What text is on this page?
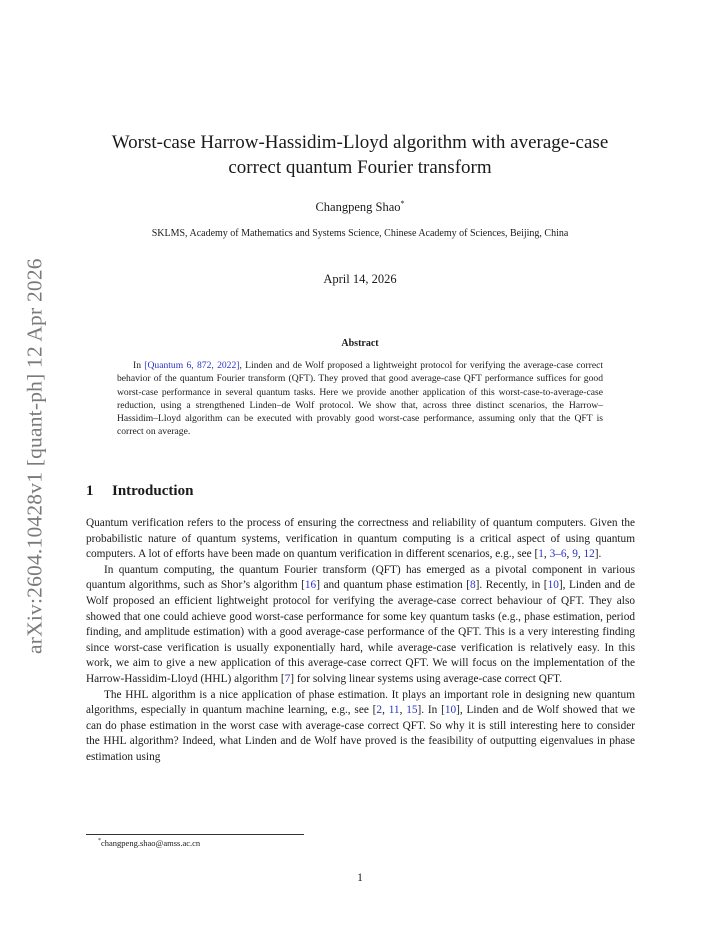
arXiv:2604.10428v1 [quant-ph] 12 Apr 2026
Worst-case Harrow-Hassidim-Lloyd algorithm with average-case
correct quantum Fourier transform
Changpeng Shao*
SKLMS, Academy of Mathematics and Systems Science, Chinese Academy of Sciences, Beijing, China
April 14, 2026
Abstract
In [Quantum 6, 872, 2022], Linden and de Wolf proposed a lightweight protocol for verifying the average-case correct behavior of the quantum Fourier transform (QFT). They proved that good average-case QFT performance suffices for good worst-case performance in several quantum tasks. Here we provide another application of this worst-case-to-average-case reduction, using a strengthened Linden–de Wolf protocol. We show that, across three distinct scenarios, the Harrow–Hassidim–Lloyd algorithm can be executed with provably good worst-case performance, assuming only that the QFT is correct on average.
1 Introduction

Quantum verification refers to the process of ensuring the correctness and reliability of quantum computers. Given the probabilistic nature of quantum systems, verification in quantum computing is a critical aspect of using quantum computers. A lot of efforts have been made on quantum verification in different scenarios, e.g., see [1, 3–6, 9, 12].

In quantum computing, the quantum Fourier transform (QFT) has emerged as a pivotal component in various quantum algorithms, such as Shor’s algorithm [16] and quantum phase estimation [8]. Recently, in [10], Linden and de Wolf proposed an efficient lightweight protocol for verifying the average-case correct behaviour of QFT. They also showed that one could achieve good worst-case performance for some key quantum tasks (e.g., phase estimation, period finding, and amplitude estimation) with a good average-case performance of the QFT. This is a very interesting finding since worst-case verification is usually exponentially hard, while average-case verification is relatively easy. In this work, we aim to give a new application of this average-case correct QFT. We will focus on the implementation of the Harrow-Hassidim-Lloyd (HHL) algorithm [7] for solving linear systems using average-case correct QFT.

The HHL algorithm is a nice application of phase estimation. It plays an important role in designing new quantum algorithms, especially in quantum machine learning, e.g., see [2, 11, 15]. In [10], Linden and de Wolf showed that we can do phase estimation in the worst case with average-case correct QFT. So why it is still interesting here to consider the HHL algorithm? Indeed, what Linden and de Wolf have proved is the feasibility of outputting eigenvalues in phase estimation using

*changpeng.shao@amss.ac.cn
1
